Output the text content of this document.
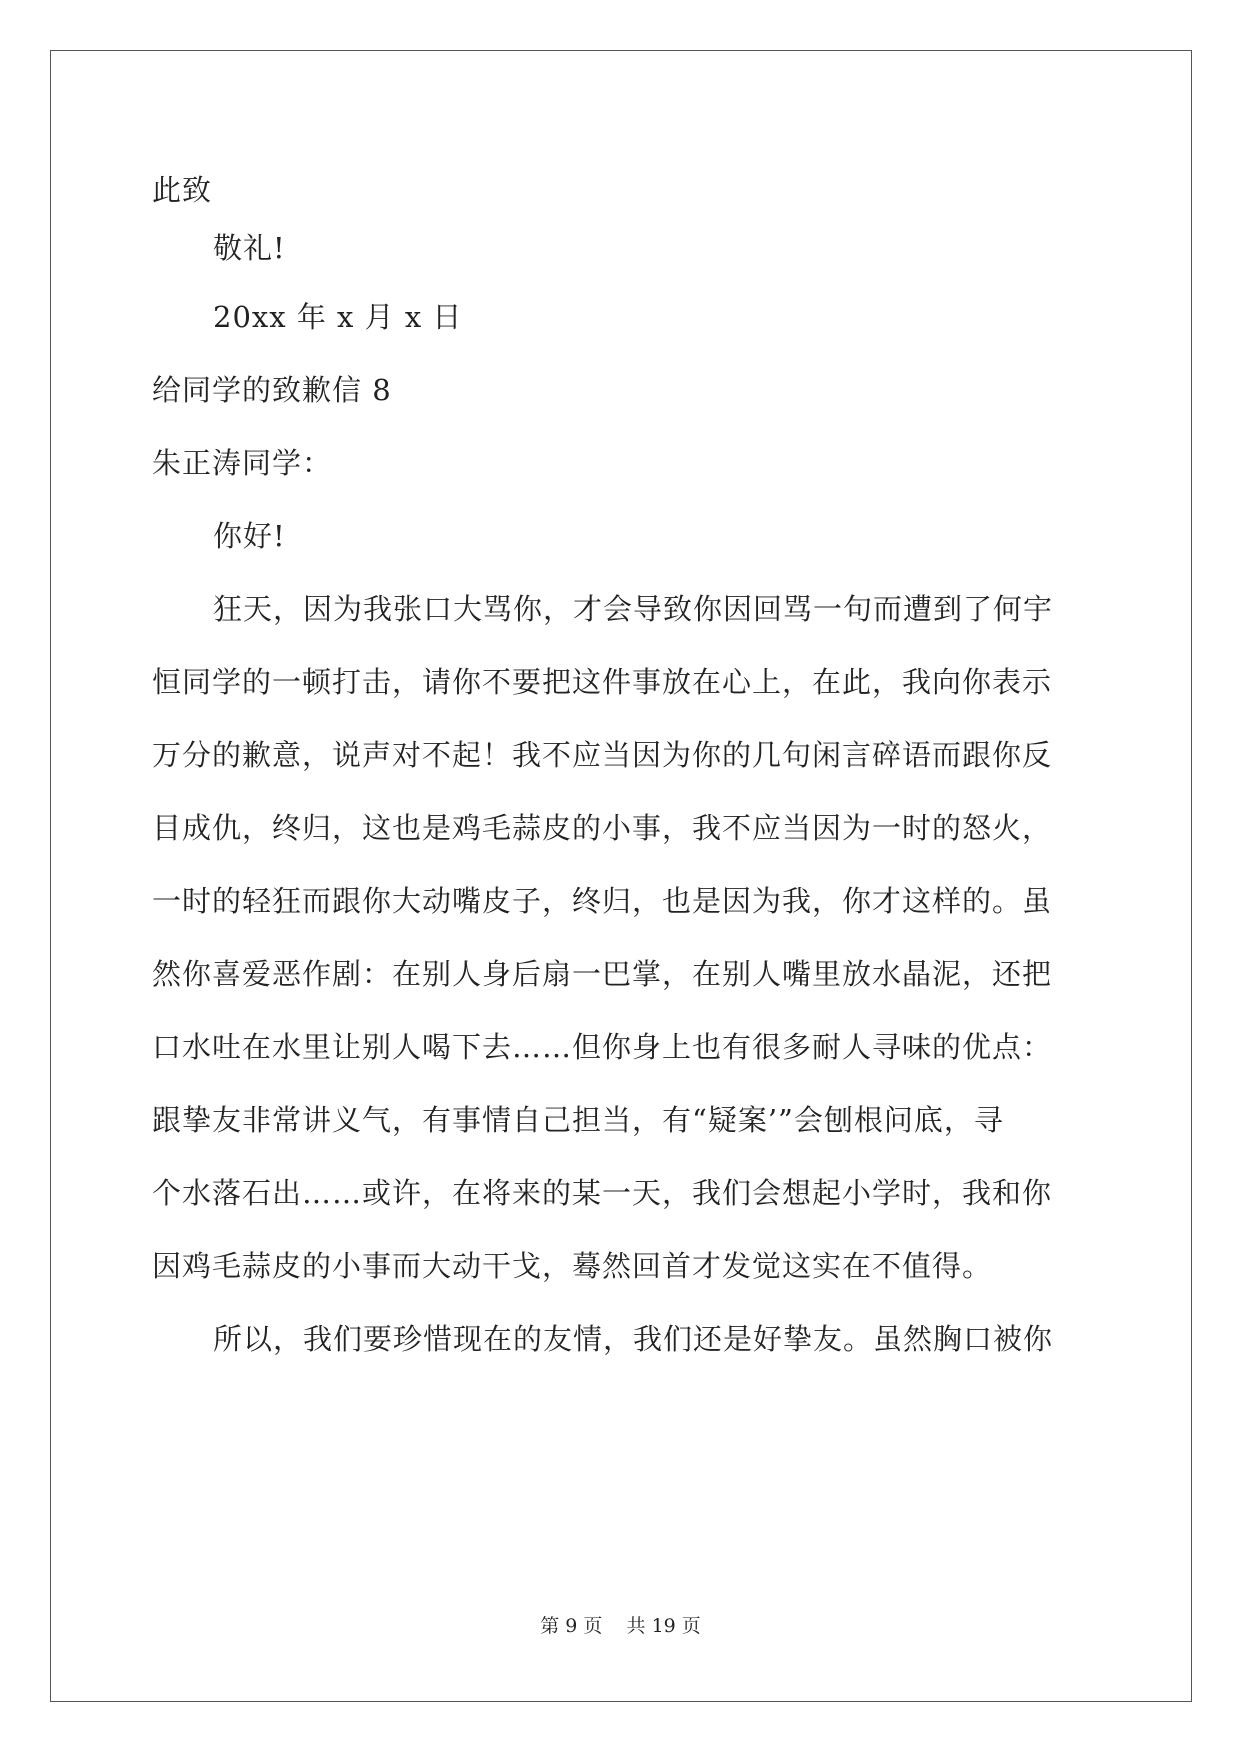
此致
敬礼!
20xx 年 x 月 x 日
给同学的致歉信 8
朱正涛同学：
你好!
狂天，因为我张口大骂你，才会导致你因回骂一句而遭到了何宇
恒同学的一顿打击，请你不要把这件事放在心上，在此，我向你表示
万分的歉意，说声对不起！我不应当因为你的几句闲言碎语而跟你反
目成仇，终归，这也是鸡毛蒜皮的小事，我不应当因为一时的怒火，
一时的轻狂而跟你大动嘴皮子，终归，也是因为我，你才这样的。虽
然你喜爱恶作剧：在别人身后扇一巴掌，在别人嘴里放水晶泥，还把
口水吐在水里让别人喝下去……但你身上也有很多耐人寻味的优点：
跟挚友非常讲义气，有事情自己担当，有“疑案’”会刨根问底，寻
个水落石出……或许，在将来的某一天，我们会想起小学时，我和你
因鸡毛蒜皮的小事而大动干戈，蓦然回首才发觉这实在不值得。
所以，我们要珍惜现在的友情，我们还是好挚友。虽然胸口被你
第 9 页    共 19 页
